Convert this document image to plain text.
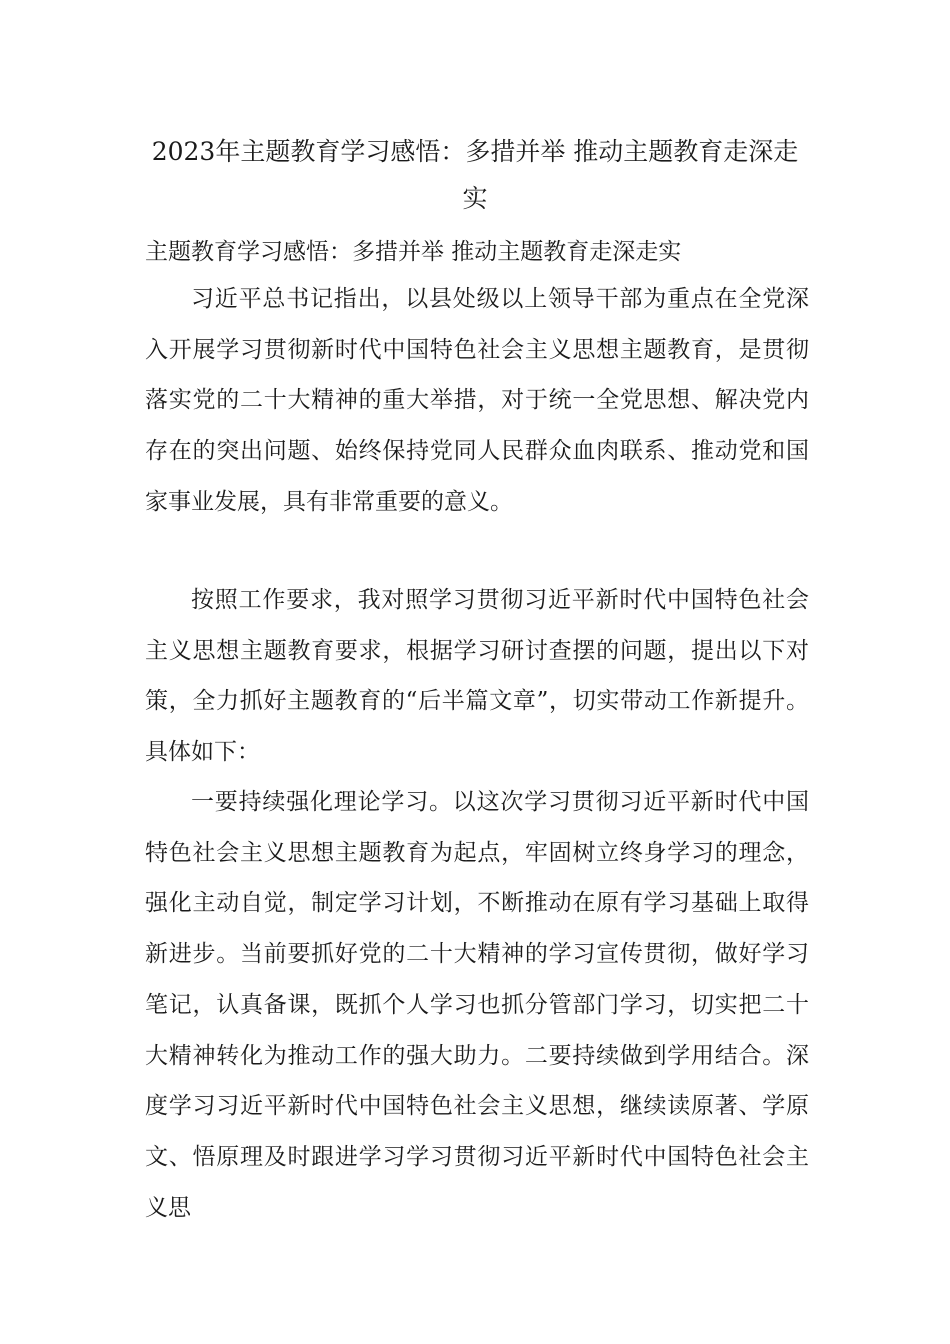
2023年主题教育学习感悟：多措并举 推动主题教育走深走实

主题教育学习感悟：多措并举 推动主题教育走深走实

习近平总书记指出，以县处级以上领导干部为重点在全党深入开展学习贯彻新时代中国特色社会主义思想主题教育，是贯彻落实党的二十大精神的重大举措，对于统一全党思想、解决党内存在的突出问题、始终保持党同人民群众血肉联系、推动党和国家事业发展，具有非常重要的意义。

按照工作要求，我对照学习贯彻习近平新时代中国特色社会主义思想主题教育要求，根据学习研讨查摆的问题，提出以下对策，全力抓好主题教育的“后半篇文章”，切实带动工作新提升。具体如下：

一要持续强化理论学习。以这次学习贯彻习近平新时代中国特色社会主义思想主题教育为起点，牢固树立终身学习的理念，强化主动自觉，制定学习计划，不断推动在原有学习基础上取得新进步。当前要抓好党的二十大精神的学习宣传贯彻，做好学习笔记，认真备课，既抓个人学习也抓分管部门学习，切实把二十大精神转化为推动工作的强大助力。二要持续做到学用结合。深度学习习近平新时代中国特色社会主义思想，继续读原著、学原文、悟原理及时跟进学习学习贯彻习近平新时代中国特色社会主义思
